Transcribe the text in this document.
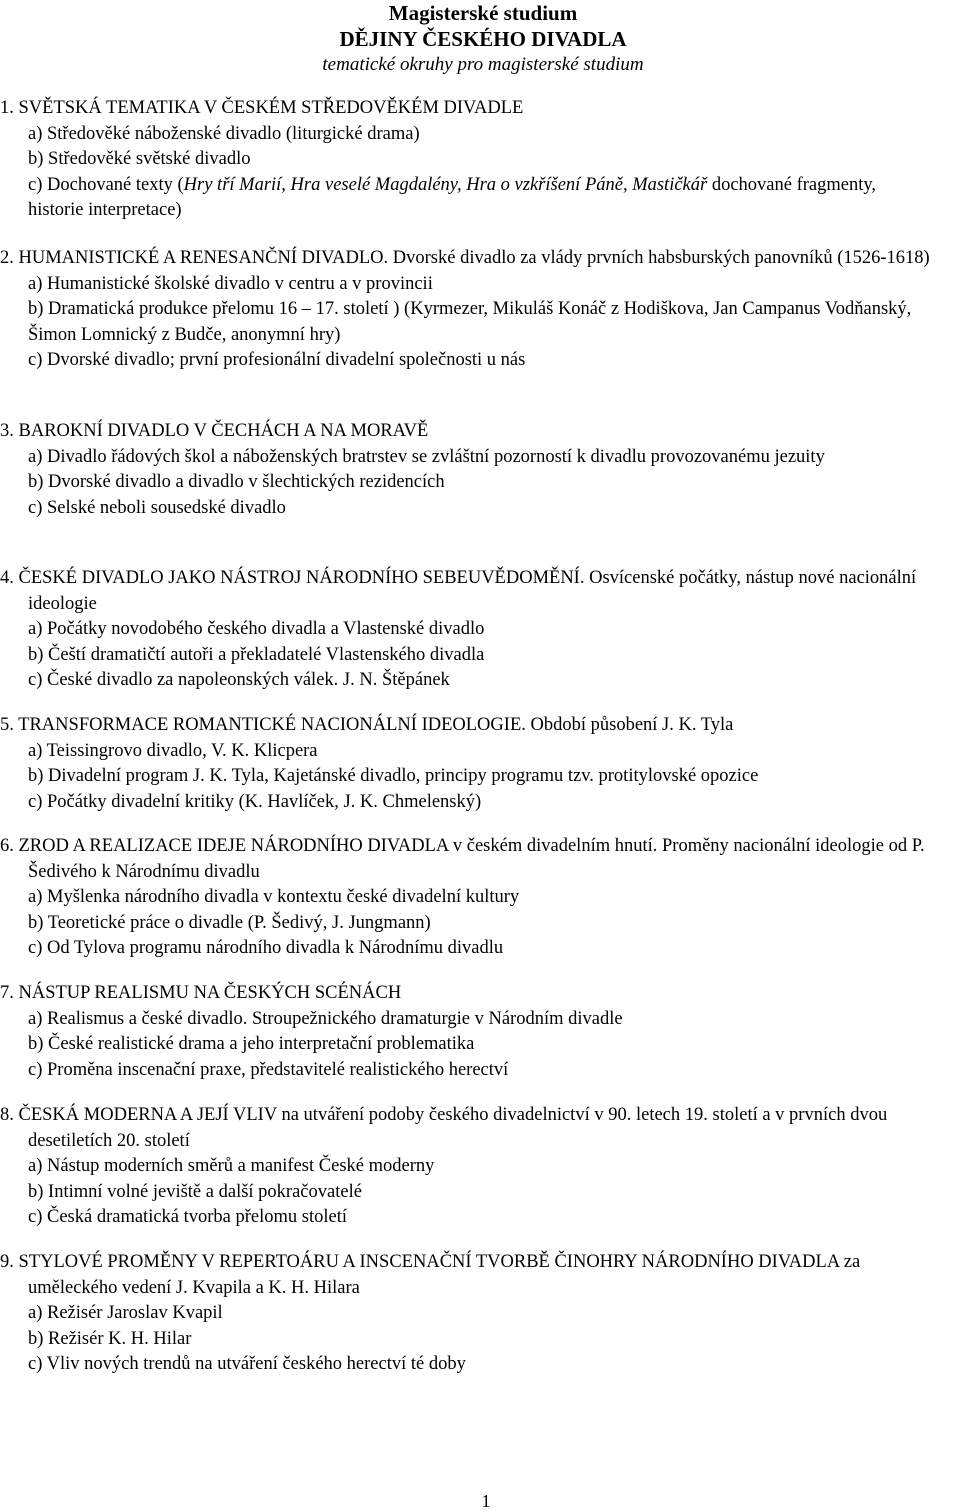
Magisterské studium
DĚJINY ČESKÉHO DIVADLA
tematické okruhy pro magisterské studium
1. SVĚTSKÁ TEMATIKA V ČESKÉM STŘEDOVĚKÉM DIVADLE
a) Středověké náboženské divadlo (liturgické drama)
b) Středověké světské divadlo
c) Dochované texty (Hry tří Marií, Hra veselé Magdalény, Hra o vzkříšení Páně, Mastičkář dochované fragmenty, historie interpretace)
2. HUMANISTICKÉ A RENESANČNÍ DIVADLO. Dvorské divadlo za vlády prvních habsburských panovníků (1526-1618)
a) Humanistické školské divadlo v centru a v provincii
b) Dramatická produkce přelomu 16 – 17. století ) (Kyrmezer, Mikuláš Konáč z Hodiškova, Jan Campanus Vodňanský, Šimon Lomnický z Budče, anonymní hry)
c) Dvorské divadlo; první profesionální divadelní společnosti u nás
3. BAROKNÍ DIVADLO V ČECHÁCH A NA MORAVĚ
a) Divadlo řádových škol a náboženských bratrstev se zvláštní pozorností k divadlu provozovanému jezuity
b) Dvorské divadlo a divadlo v šlechtických rezidencích
c) Selské neboli sousedské divadlo
4. ČESKÉ DIVADLO JAKO NÁSTROJ NÁRODNÍHO SEBEUVĚDOMĚNÍ. Osvícenské počátky, nástup nové nacionální ideologie
a) Počátky novodobého českého divadla a Vlastenské divadlo
b) Čeští dramatičtí autoři a překladatelé Vlastenského divadla
c) České divadlo za napoleonských válek. J. N. Štěpánek
5. TRANSFORMACE ROMANTICKÉ NACIONÁLNÍ IDEOLOGIE. Období působení J. K. Tyla
a) Teissingrovo divadlo, V. K. Klicpera
b) Divadelní program J. K. Tyla, Kajetánské divadlo, principy programu tzv. protitylovské opozice
c) Počátky divadelní kritiky (K. Havlíček, J. K. Chmelenský)
6. ZROD A REALIZACE IDEJE NÁRODNÍHO DIVADLA v českém divadelním hnutí. Proměny nacionální ideologie od P. Šedivého k Národnímu divadlu
a) Myšlenka národního divadla v kontextu české divadelní kultury
b) Teoretické práce o divadle (P. Šedivý, J. Jungmann)
c) Od Tylova programu národního divadla k Národnímu divadlu
7. NÁSTUP REALISMU NA ČESKÝCH SCÉNÁCH
a) Realismus a české divadlo. Stroupežnického dramaturgie v Národním divadle
b) České realistické drama a jeho interpretační problematika
c) Proměna inscenační praxe, představitelé realistického herectví
8. ČESKÁ MODERNA A JEJÍ VLIV na utváření podoby českého divadelnictví v 90. letech 19. století a v prvních dvou desetiletích 20. století
a) Nástup moderních směrů a manifest České moderny
b) Intimní volné jeviště a další pokračovatelé
c) Česká dramatická tvorba přelomu století
9. STYLOVÉ PROMĚNY V REPERTOÁRU A INSCENAČNÍ TVORBĚ ČINOHRY NÁRODNÍHO DIVADLA za uměleckého vedení J. Kvapila a K. H. Hilara
a) Režisér Jaroslav Kvapil
b) Režisér K. H. Hilar
c) Vliv nových trendů na utváření českého herectví té doby
1
